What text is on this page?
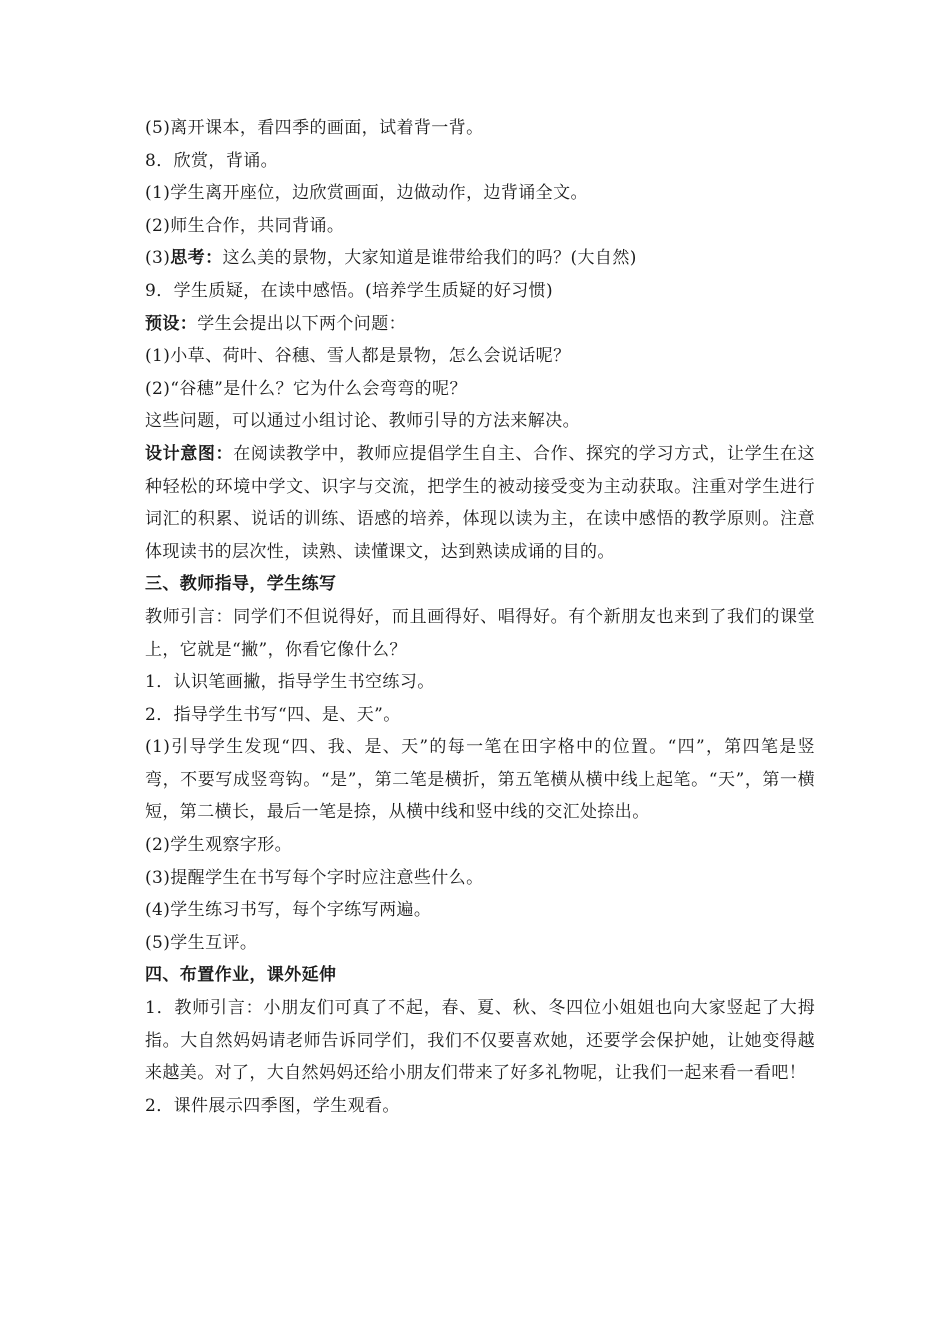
(5)离开课本，看四季的画面，试着背一背。
8．欣赏，背诵。
(1)学生离开座位，边欣赏画面，边做动作，边背诵全文。
(2)师生合作，共同背诵。
(3)思考：这么美的景物，大家知道是谁带给我们的吗？(大自然)
9．学生质疑，在读中感悟。(培养学生质疑的好习惯)
预设：学生会提出以下两个问题：
(1)小草、荷叶、谷穗、雪人都是景物，怎么会说话呢？
(2)“谷穗”是什么？它为什么会弯弯的呢？
这些问题，可以通过小组讨论、教师引导的方法来解决。
设计意图：在阅读教学中，教师应提倡学生自主、合作、探究的学习方式，让学生在这种轻松的环境中学文、识字与交流，把学生的被动接受变为主动获取。注重对学生进行词汇的积累、说话的训练、语感的培养，体现以读为主，在读中感悟的教学原则。注意体现读书的层次性，读熟、读懂课文，达到熟读成诵的目的。
三、教师指导，学生练写
教师引言：同学们不但说得好，而且画得好、唱得好。有个新朋友也来到了我们的课堂上，它就是“撇”，你看它像什么？
1．认识笔画撇，指导学生书空练习。
2．指导学生书写“四、是、天”。
(1)引导学生发现“四、我、是、天”的每一笔在田字格中的位置。“四”，第四笔是竖弯，不要写成竖弯钩。“是”，第二笔是横折，第五笔横从横中线上起笔。“天”，第一横短，第二横长，最后一笔是捺，从横中线和竖中线的交汇处捺出。
(2)学生观察字形。
(3)提醒学生在书写每个字时应注意些什么。
(4)学生练习书写，每个字练写两遍。
(5)学生互评。
四、布置作业，课外延伸
1．教师引言：小朋友们可真了不起，春、夏、秋、冬四位小姐姐也向大家竖起了大拇指。大自然妈妈请老师告诉同学们，我们不仅要喜欢她，还要学会保护她，让她变得越来越美。对了，大自然妈妈还给小朋友们带来了好多礼物呢，让我们一起来看一看吧！
2．课件展示四季图，学生观看。
